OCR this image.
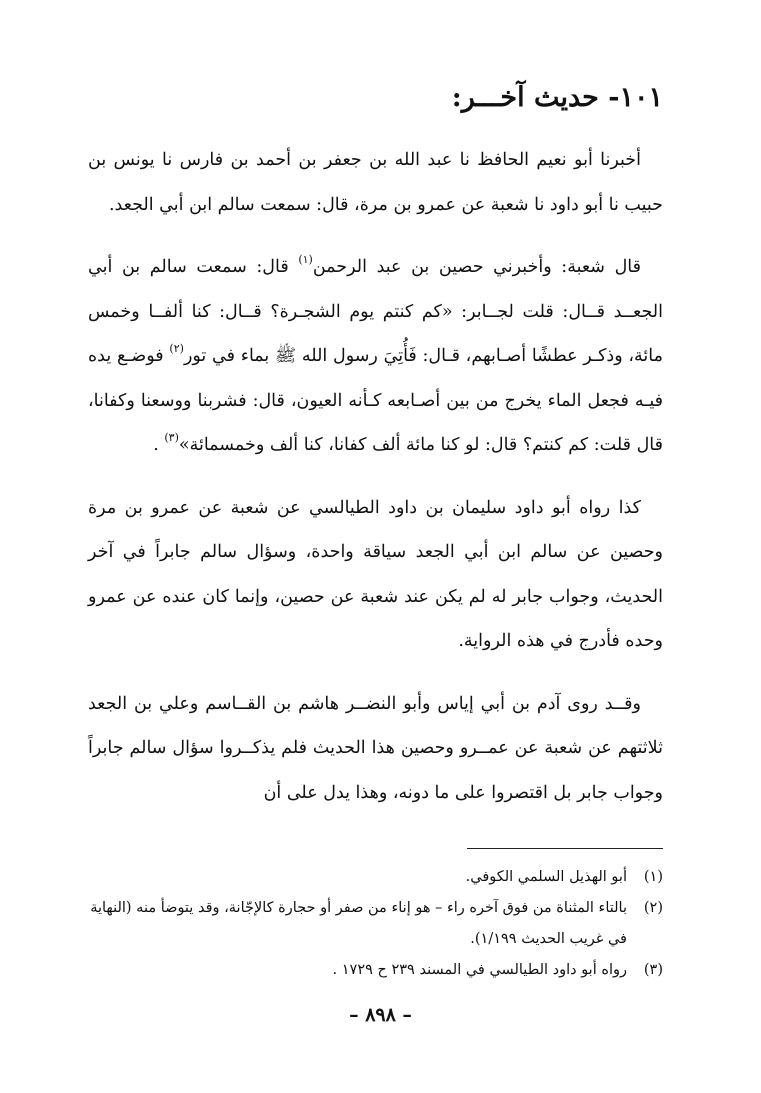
١٠١- حديث آخـــر:

أخبرنا أبو نعيم الحافظ نا عبد الله بن جعفر بن أحمد بن فارس نا يونس بن حبيب نا أبو داود نا شعبة عن عمرو بن مرة، قال: سمعت سالم ابن أبي الجعد.

قال شعبة: وأخبرني حصين بن عبد الرحمن$^{(١)}$ قال: سمعت سالم بن أبي الجعــد قــال: قلت لجــابر: «كم كنتم يوم الشجـرة؟ قــال: كنا ألفــا وخمس مائة، وذكـر عطشًا أصـابهم، قـال: فَأُتِيَ رسول الله ﷺ بماء في تور$^{(٢)}$ فوضـع يده فيـه فجعل الماء يخرج من بين أصـابعه كـأنه العيون، قال: فشربنا ووسعنا وكفانا، قال قلت: كم كنتم؟ قال: لو كنا مائة ألف كفانا، كنا ألف وخمسمائة»$^{(٣)}$ .

كذا رواه أبو داود سليمان بن داود الطيالسي عن شعبة عن عمرو بن مرة وحصين عن سالم ابن أبي الجعد سياقة واحدة، وسؤال سالم جابراً في آخر الحديث، وجواب جابر له لم يكن عند شعبة عن حصين، وإنما كان عنده عن عمرو وحده فأدرج في هذه الرواية.

وقــد روى آدم بن أبي إياس وأبو النضــر هاشم بن القــاسم وعلي بن الجعد ثلاثتهم عن شعبة عن عمــرو وحصين هذا الحديث فلم يذكــروا سؤال سالم جابراً وجواب جابر بل اقتصروا على ما دونه، وهذا يدل على أن

(١)
أبو الهذيل السلمي الكوفي.
(٢)
بالتاء المثناة من فوق آخره راء – هو إناء من صفر أو حجارة كالإجّانة، وقد يتوضأ منه (النهاية في غريب الحديث ١/١٩٩).
(٣)
رواه أبو داود الطيالسي في المسند ٢٣٩ ح ١٧٢٩ .
– ٨٩٨ –
